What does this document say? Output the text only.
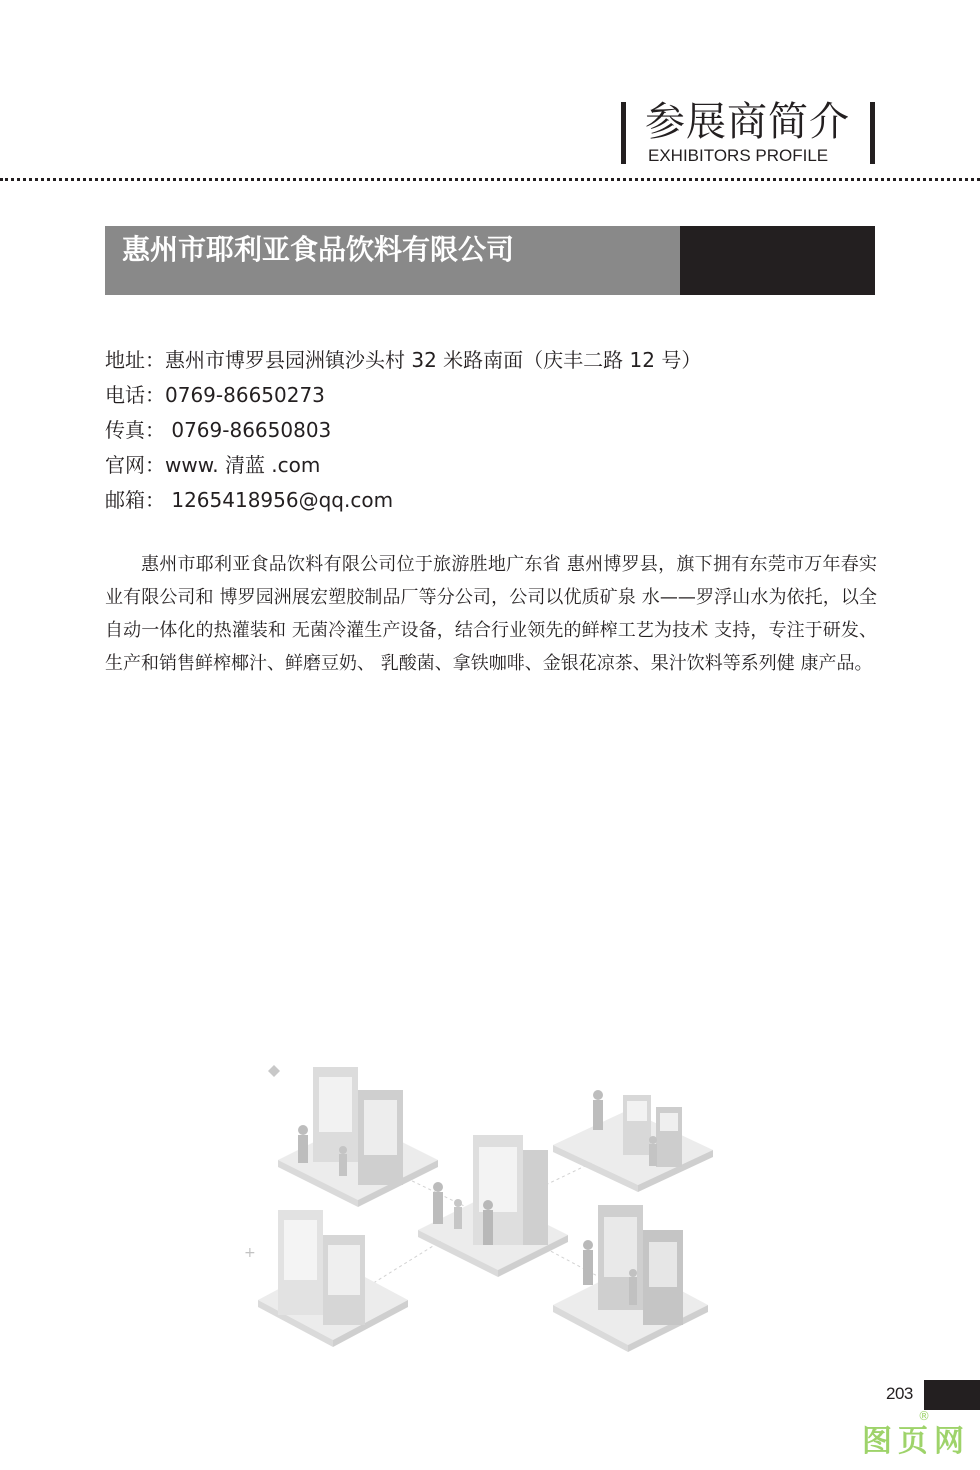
参展商简介
EXHIBITORS PROFILE
惠州市耶利亚食品饮料有限公司
地址：惠州市博罗县园洲镇沙头村 32 米路南面（庆丰二路 12 号）
电话：0769-86650273
传真： 0769-86650803
官网：www. 清蓝 .com
邮箱： 1265418956@qq.com
惠州市耶利亚食品饮料有限公司位于旅游胜地广东省 惠州博罗县，旗下拥有东莞市万年春实业有限公司和 博罗园洲展宏塑胶制品厂等分公司，公司以优质矿泉 水——罗浮山水为依托，以全自动一体化的热灌装和 无菌冷灌生产设备，结合行业领先的鲜榨工艺为技术 支持，专注于研发、生产和销售鲜榨椰汁、鲜磨豆奶、 乳酸菌、拿铁咖啡、金银花凉茶、果汁饮料等系列健 康产品。
+
203
®
图页网
